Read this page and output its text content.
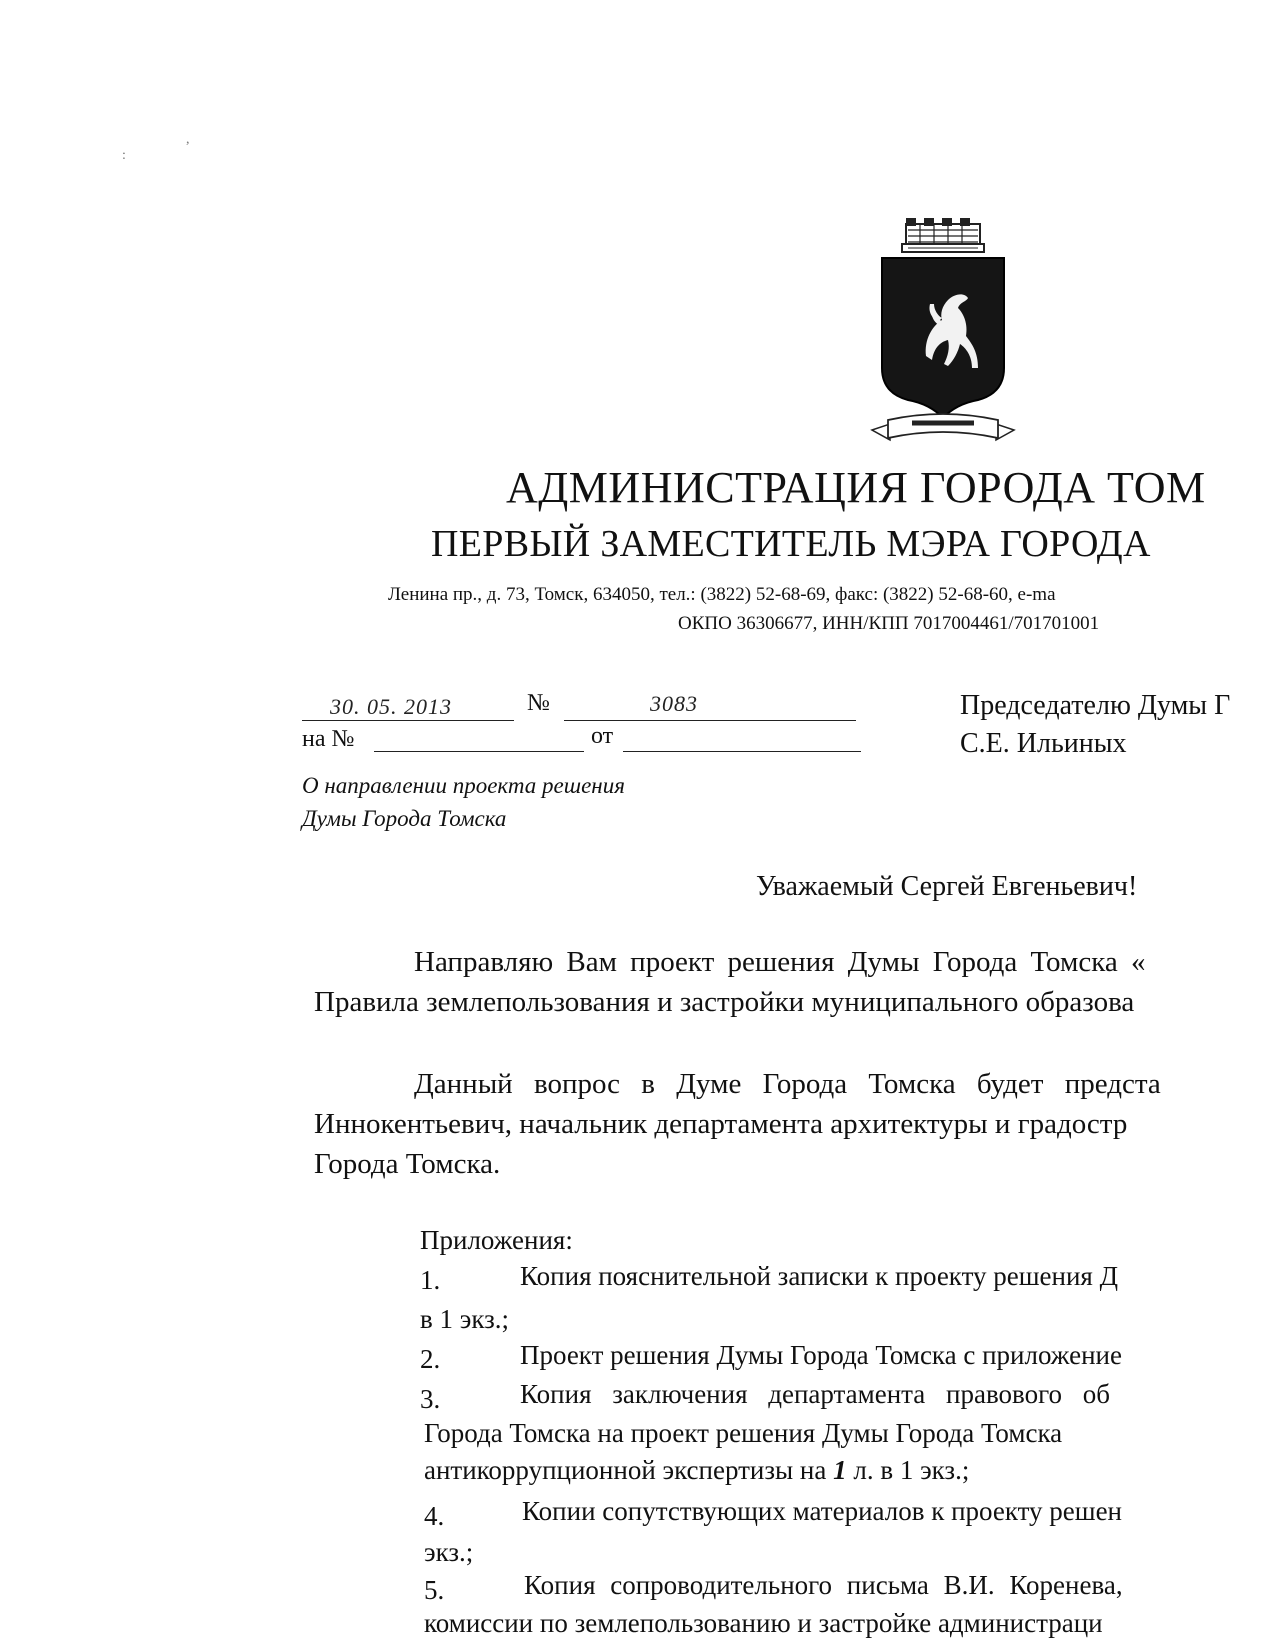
:
,
АДМИНИСТРАЦИЯ ГОРОДА ТОМ
ПЕРВЫЙ ЗАМЕСТИТЕЛЬ МЭРА ГОРОДА
Ленина пр., д. 73, Томск, 634050, тел.: (3822) 52-68-69, факс: (3822) 52-68-60, e-ma
ОКПО 36306677, ИНН/КПП 7017004461/701701001
30. 05. 2013	№	3083
на №	от
Председателю Думы Г
С.Е. Ильиных
О направлении проекта решения
Думы Города Томска
Уважаемый Сергей Евгеньевич!
Направляю Вам проект решения Думы Города Томска «
Правила землепользования и застройки муниципального образова
Данный вопрос в Думе Города Томска будет предста
Иннокентьевич, начальник департамента архитектуры и градостр
Города Томска.
Приложения:
1.	Копия пояснительной записки к проекту решения Д
в 1 экз.;
2.	Проект решения Думы Города Томска с приложение
3.	Копия заключения департамента правового об
Города Томска на проект решения Думы Города Томска
антикоррупционной экспертизы на 1 л. в 1 экз.;
4.	Копии сопутствующих материалов к проекту решен
экз.;
5.	Копия сопроводительного письма В.И. Коренева,
комиссии по землепользованию и застройке администраци
